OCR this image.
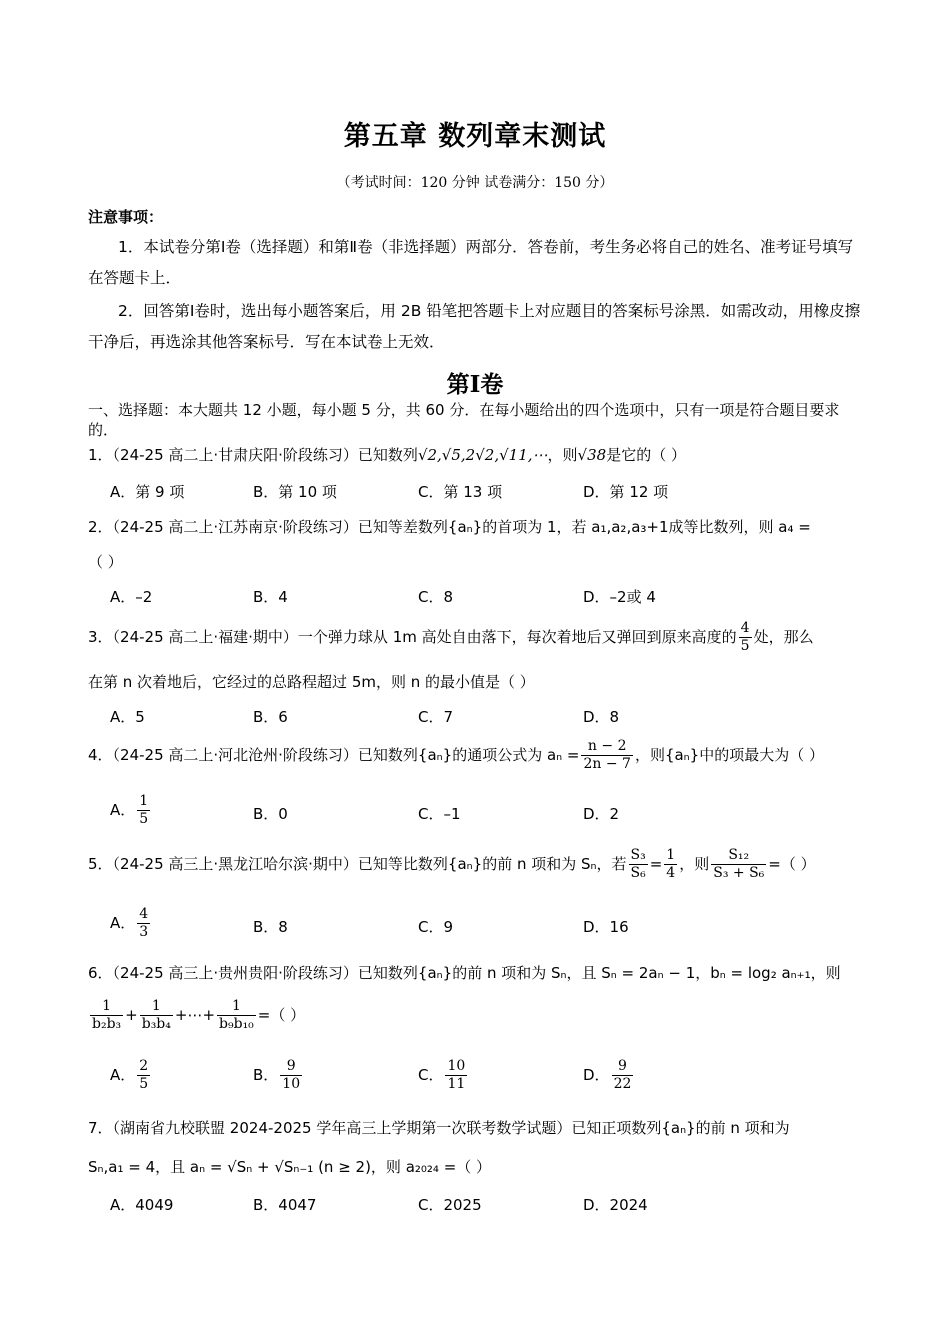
第五章 数列章末测试
（考试时间：120 分钟 试卷满分：150 分）
注意事项：
1．本试卷分第Ⅰ卷（选择题）和第Ⅱ卷（非选择题）两部分．答卷前，考生务必将自己的姓名、准考证号填写在答题卡上．
2．回答第Ⅰ卷时，选出每小题答案后，用 2B 铅笔把答题卡上对应题目的答案标号涂黑．如需改动，用橡皮擦干净后，再选涂其他答案标号．写在本试卷上无效．
第Ⅰ卷
一、选择题：本大题共 12 小题，每小题 5 分，共 60 分．在每小题给出的四个选项中，只有一项是符合题目要求的．
1．（24-25 高二上·甘肃庆阳·阶段练习）已知数列√2,√5,2√2,√11,⋯，则√38是它的（ ）
A．第 9 项	B．第 10 项	C．第 13 项	D．第 12 项
2．（24-25 高二上·江苏南京·阶段练习）已知等差数列{aₙ}的首项为 1，若 a₁,a₂,a₃+1成等比数列，则 a₄ =
（ ）
A．–2	B．4	C．8	D．–2或 4
3．（24-25 高二上·福建·期中）一个弹力球从 1m 高处自由落下，每次着地后又弹回到原来高度的 $\frac{4}{5}$ 处，那么
在第 n 次着地后，它经过的总路程超过 5m，则 n 的最小值是（ ）
A．5	B．6	C．7	D．8
4．（24-25 高二上·河北沧州·阶段练习）已知数列{aₙ}的通项公式为 $a_n = \frac{n - 2}{2n - 7}$ ，则{aₙ}中的项最大为（ ）
A． $\frac{1}{5}$	B．0	C．–1	D．2
5．（24-25 高三上·黑龙江哈尔滨·期中）已知等比数列{aₙ}的前 n 项和为 Sₙ，若 $\frac{\text{S₃}}{\text{S₆}} = \frac{1}{4}$ ，则 $\frac{\text{S₁₂}}{\text{S₃ + S₆}}$ =（ ）
A． $\frac{4}{3}$	B．8	C．9	D．16
6．（24-25 高三上·贵州贵阳·阶段练习）已知数列{aₙ}的前 n 项和为 Sₙ，且 Sₙ = 2aₙ − 1，bₙ = log₂ aₙ₊₁，则
$\frac{1}{\text{b₂b₃}} + \frac{1}{\text{b₃b₄}}$ +⋯+ $\frac{1}{\text{b₉b₁₀}}$ =（ ）
A． $\frac{2}{5}$	B． $\frac{9}{10}$	C． $\frac{10}{11}$	D． $\frac{9}{22}$
7．（湖南省九校联盟 2024-2025 学年高三上学期第一次联考数学试题）已知正项数列{aₙ}的前 n 项和为
Sₙ,a₁ = 4，且 aₙ = √Sₙ + √Sₙ₋₁ (n ≥ 2)，则 a₂₀₂₄ =（ ）
A．4049	B．4047	C．2025	D．2024
